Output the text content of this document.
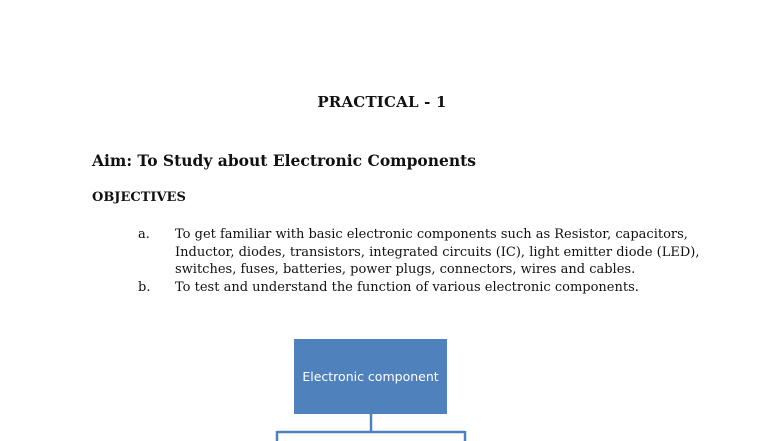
PRACTICAL - 1
Aim: To Study about Electronic Components
OBJECTIVES
a. To get familiar with basic electronic components such as Resistor, capacitors,
Inductor, diodes, transistors, integrated circuits (IC), light emitter diode (LED),
switches, fuses, batteries, power plugs, connectors, wires and cables.
b. To test and understand the function of various electronic components.
Electronic component
